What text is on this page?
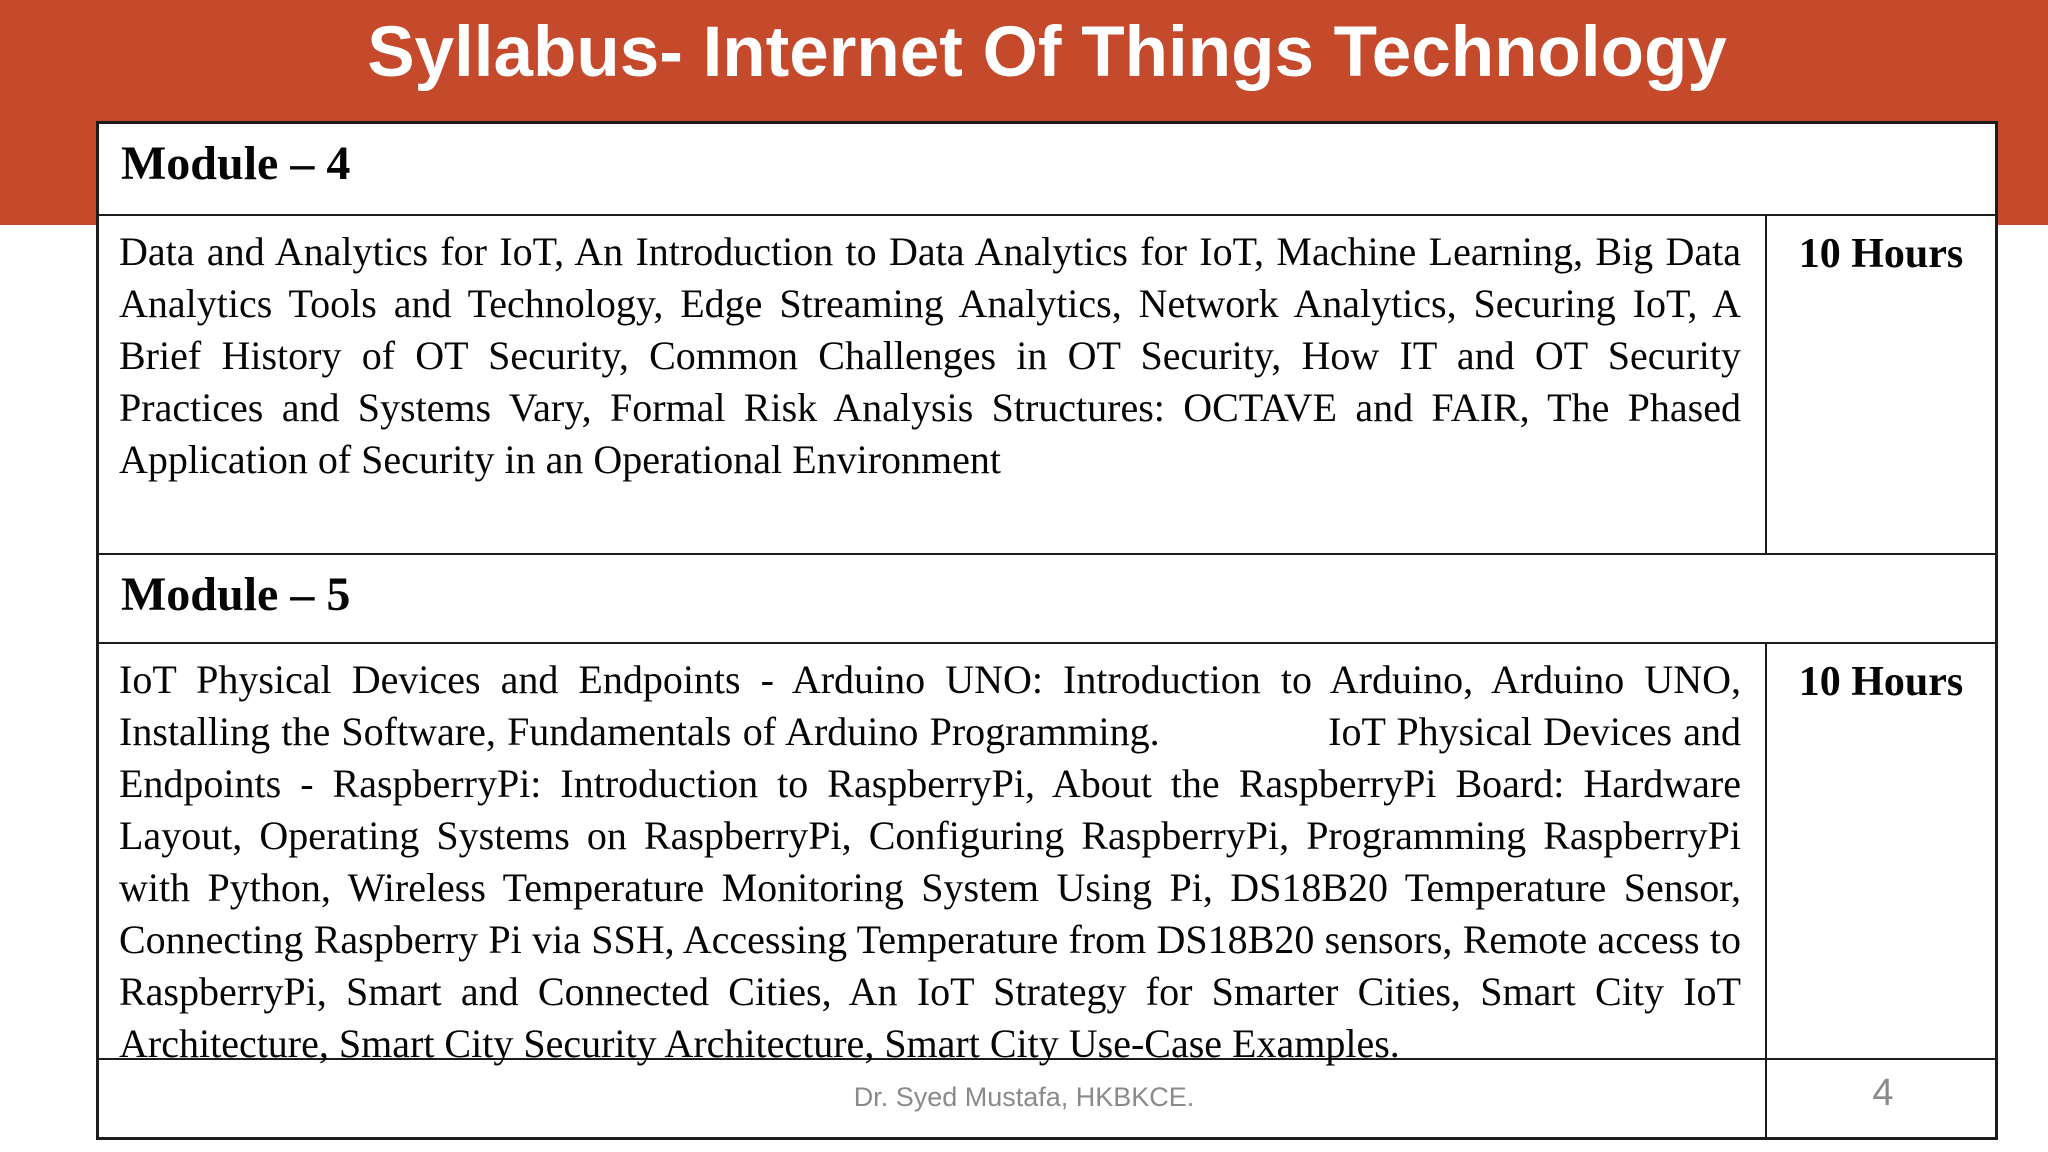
Syllabus- Internet Of Things Technology
Module – 4
Data and Analytics for IoT, An Introduction to Data Analytics for IoT, Machine Learning, Big Data Analytics Tools and Technology, Edge Streaming Analytics, Network Analytics, Securing IoT, A Brief History of OT Security, Common Challenges in OT Security, How IT and OT Security Practices and Systems Vary, Formal Risk Analysis Structures: OCTAVE and FAIR, The Phased Application of Security in an Operational Environment
10 Hours
Module – 5
IoT Physical Devices and Endpoints - Arduino UNO: Introduction to Arduino, Arduino UNO, Installing the Software, Fundamentals of Arduino Programming.               IoT Physical Devices and Endpoints - RaspberryPi: Introduction to RaspberryPi, About the RaspberryPi Board: Hardware Layout, Operating Systems on RaspberryPi, Configuring RaspberryPi, Programming RaspberryPi with Python, Wireless Temperature Monitoring System Using Pi, DS18B20 Temperature Sensor, Connecting Raspberry Pi via SSH, Accessing Temperature from DS18B20 sensors, Remote access to RaspberryPi, Smart and Connected Cities, An IoT Strategy for Smarter Cities, Smart City IoT Architecture, Smart City Security Architecture, Smart City Use-Case Examples.
10 Hours
Dr. Syed Mustafa, HKBKCE.	4
